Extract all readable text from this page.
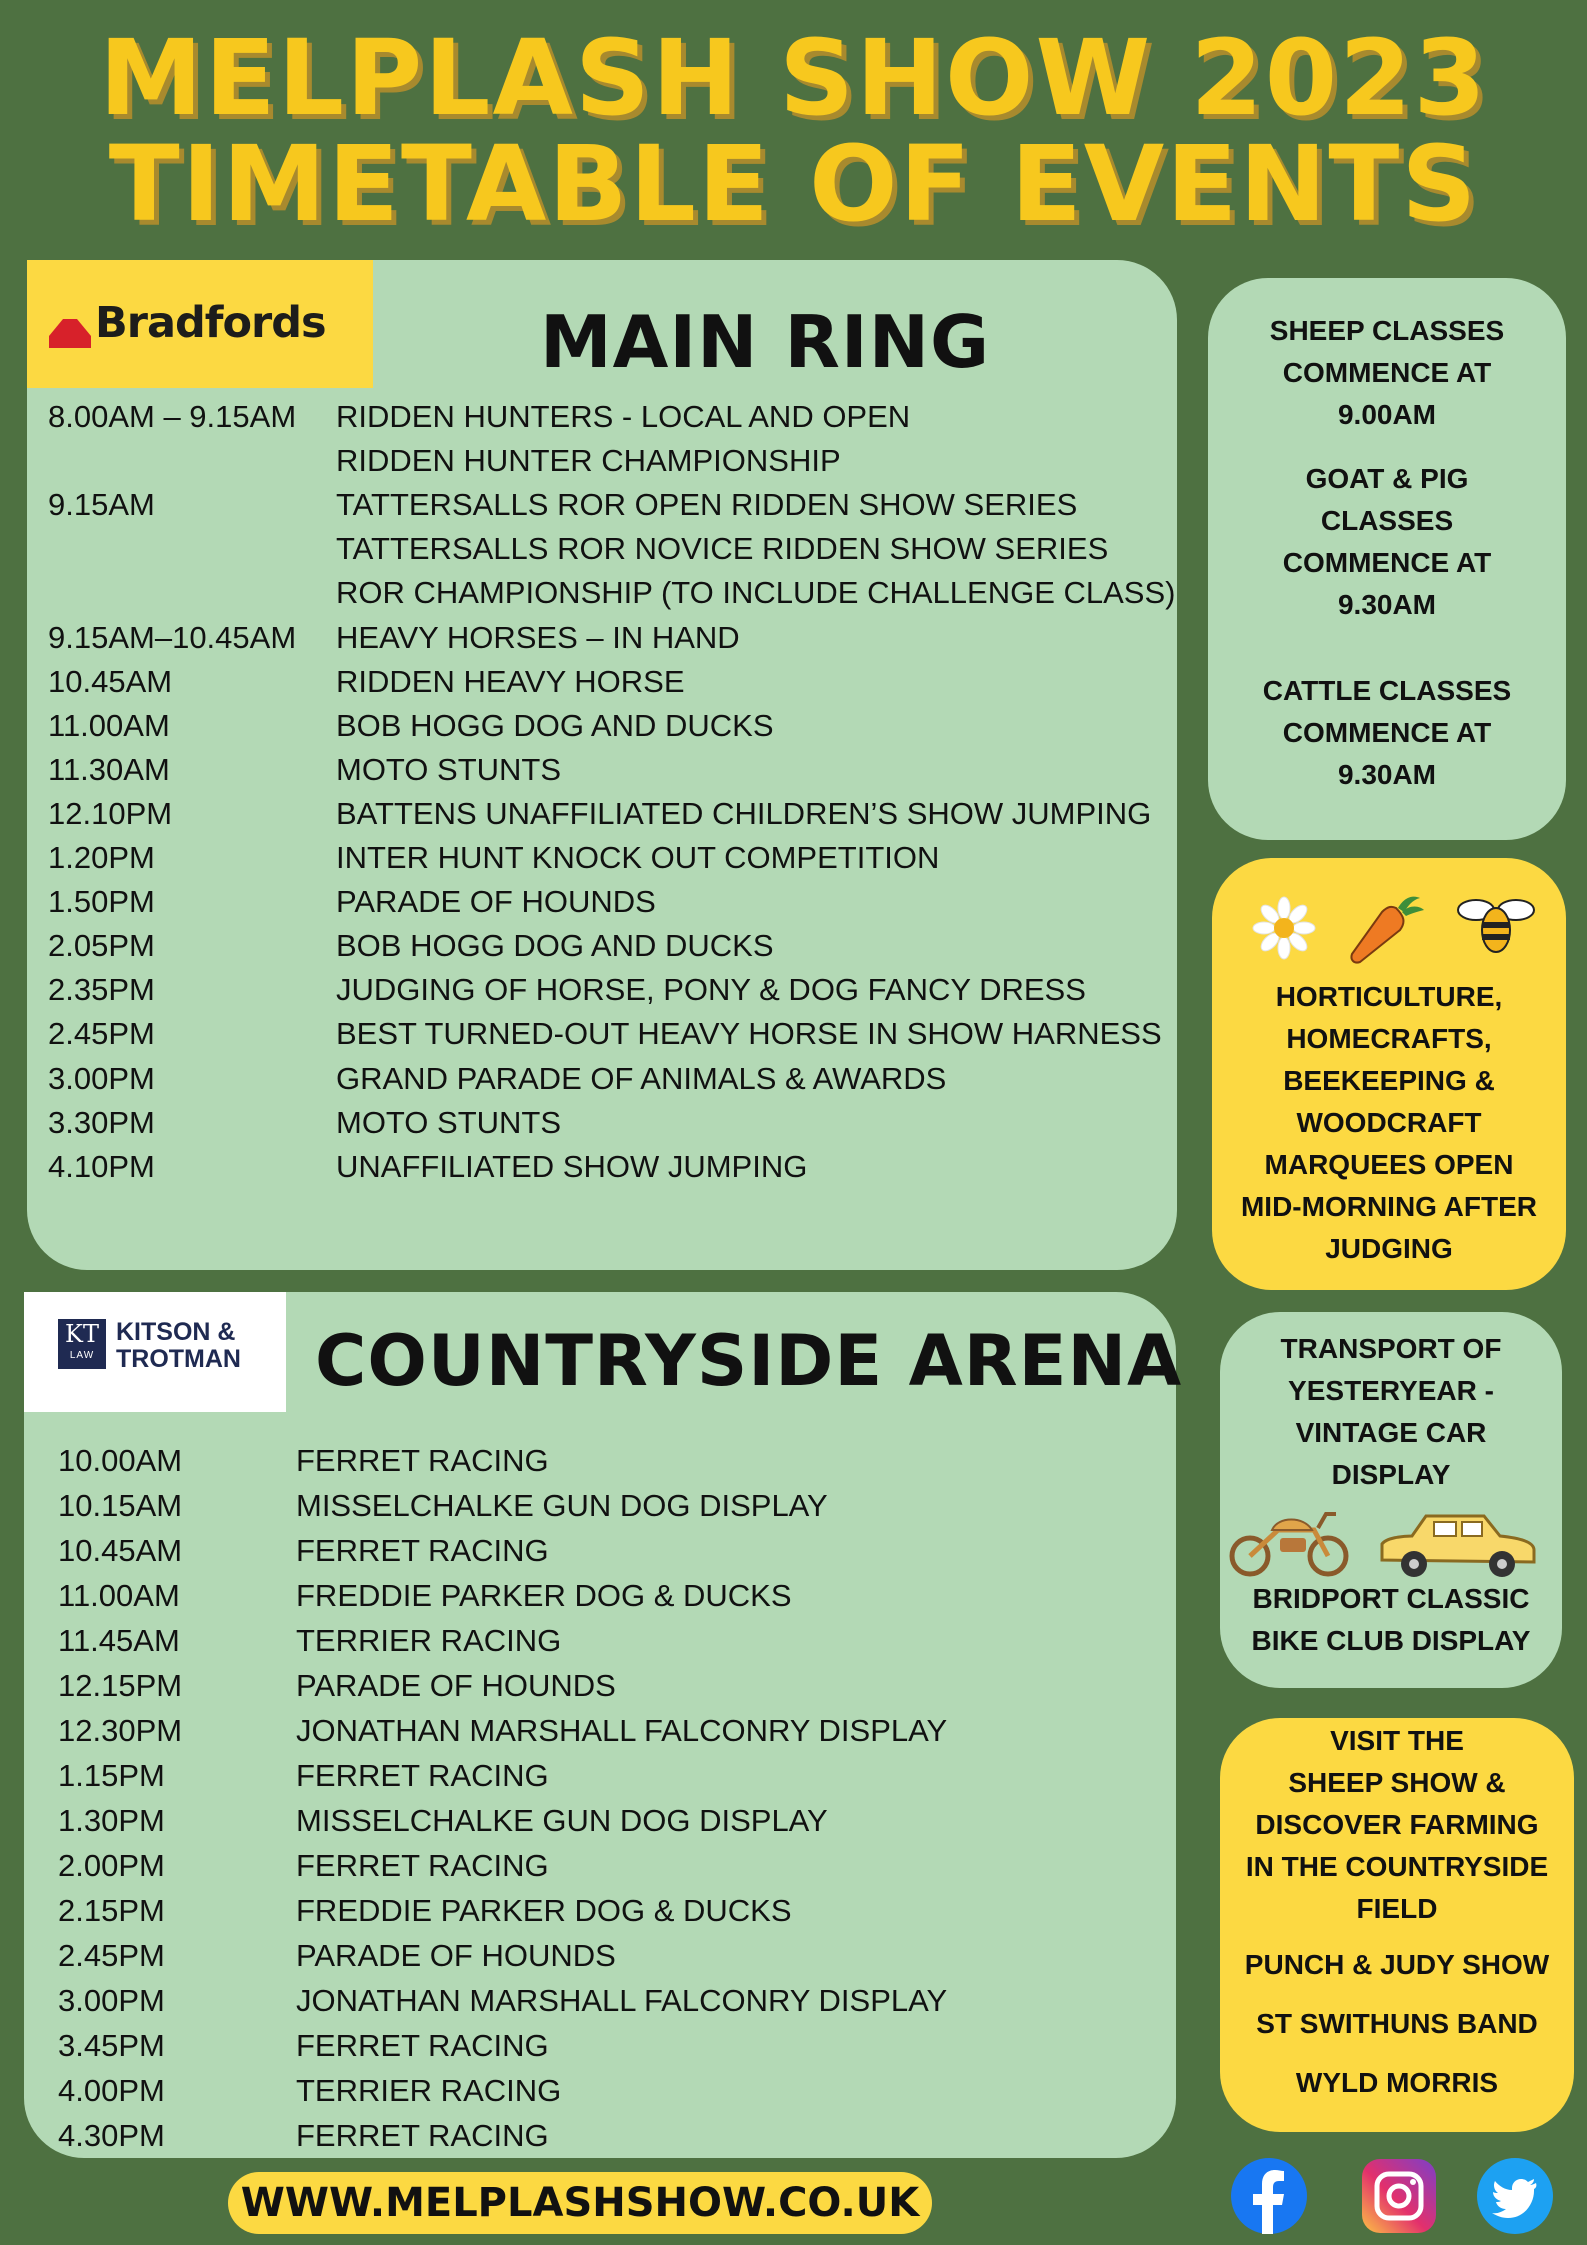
MELPLASH SHOW 2023
TIMETABLE OF EVENTS
Bradfords	MAIN RING
8.00AM – 9.15AM RIDDEN HUNTERS - LOCAL AND OPEN
RIDDEN HUNTER CHAMPIONSHIP
9.15AM	TATTERSALLS ROR OPEN RIDDEN SHOW SERIES
TATTERSALLS ROR NOVICE RIDDEN SHOW SERIES
ROR CHAMPIONSHIP (TO INCLUDE CHALLENGE CLASS)
9.15AM–10.45AM HEAVY HORSES – IN HAND
10.45AM	RIDDEN HEAVY HORSE
11.00AM	BOB HOGG DOG AND DUCKS
11.30AM	MOTO STUNTS
12.10PM	BATTENS UNAFFILIATED CHILDREN’S SHOW JUMPING
1.20PM	INTER HUNT KNOCK OUT COMPETITION
1.50PM	PARADE OF HOUNDS
2.05PM	BOB HOGG DOG AND DUCKS
2.35PM	JUDGING OF HORSE, PONY & DOG FANCY DRESS
2.45PM	BEST TURNED-OUT HEAVY HORSE IN SHOW HARNESS
3.00PM	GRAND PARADE OF ANIMALS & AWARDS
3.30PM	MOTO STUNTS
4.10PM	UNAFFILIATED SHOW JUMPING
KT
LAW
KITSON &
TROTMAN COUNTRYSIDE ARENA
10.00AM	FERRET RACING
10.15AM	MISSELCHALKE GUN DOG DISPLAY
10.45AM	FERRET RACING
11.00AM	FREDDIE PARKER DOG & DUCKS
11.45AM	TERRIER RACING
12.15PM	PARADE OF HOUNDS
12.30PM	JONATHAN MARSHALL FALCONRY DISPLAY
1.15PM	FERRET RACING
1.30PM	MISSELCHALKE GUN DOG DISPLAY
2.00PM	FERRET RACING
2.15PM	FREDDIE PARKER DOG & DUCKS
2.45PM	PARADE OF HOUNDS
3.00PM	JONATHAN MARSHALL FALCONRY DISPLAY
3.45PM	FERRET RACING
4.00PM	TERRIER RACING
4.30PM	FERRET RACING
SHEEP CLASSES
COMMENCE AT
9.00AM
GOAT & PIG
CLASSES
COMMENCE AT
9.30AM
CATTLE CLASSES
COMMENCE AT
9.30AM
HORTICULTURE,
HOMECRAFTS,
BEEKEEPING &
WOODCRAFT
MARQUEES OPEN
MID-MORNING AFTER
JUDGING
TRANSPORT OF
YESTERYEAR -
VINTAGE CAR
DISPLAY
BRIDPORT CLASSIC
BIKE CLUB DISPLAY
VISIT THE
SHEEP SHOW &
DISCOVER FARMING
IN THE COUNTRYSIDE
FIELD
PUNCH & JUDY SHOW
ST SWITHUNS BAND
WYLD MORRIS
WWW.MELPLASHSHOW.CO.UK
